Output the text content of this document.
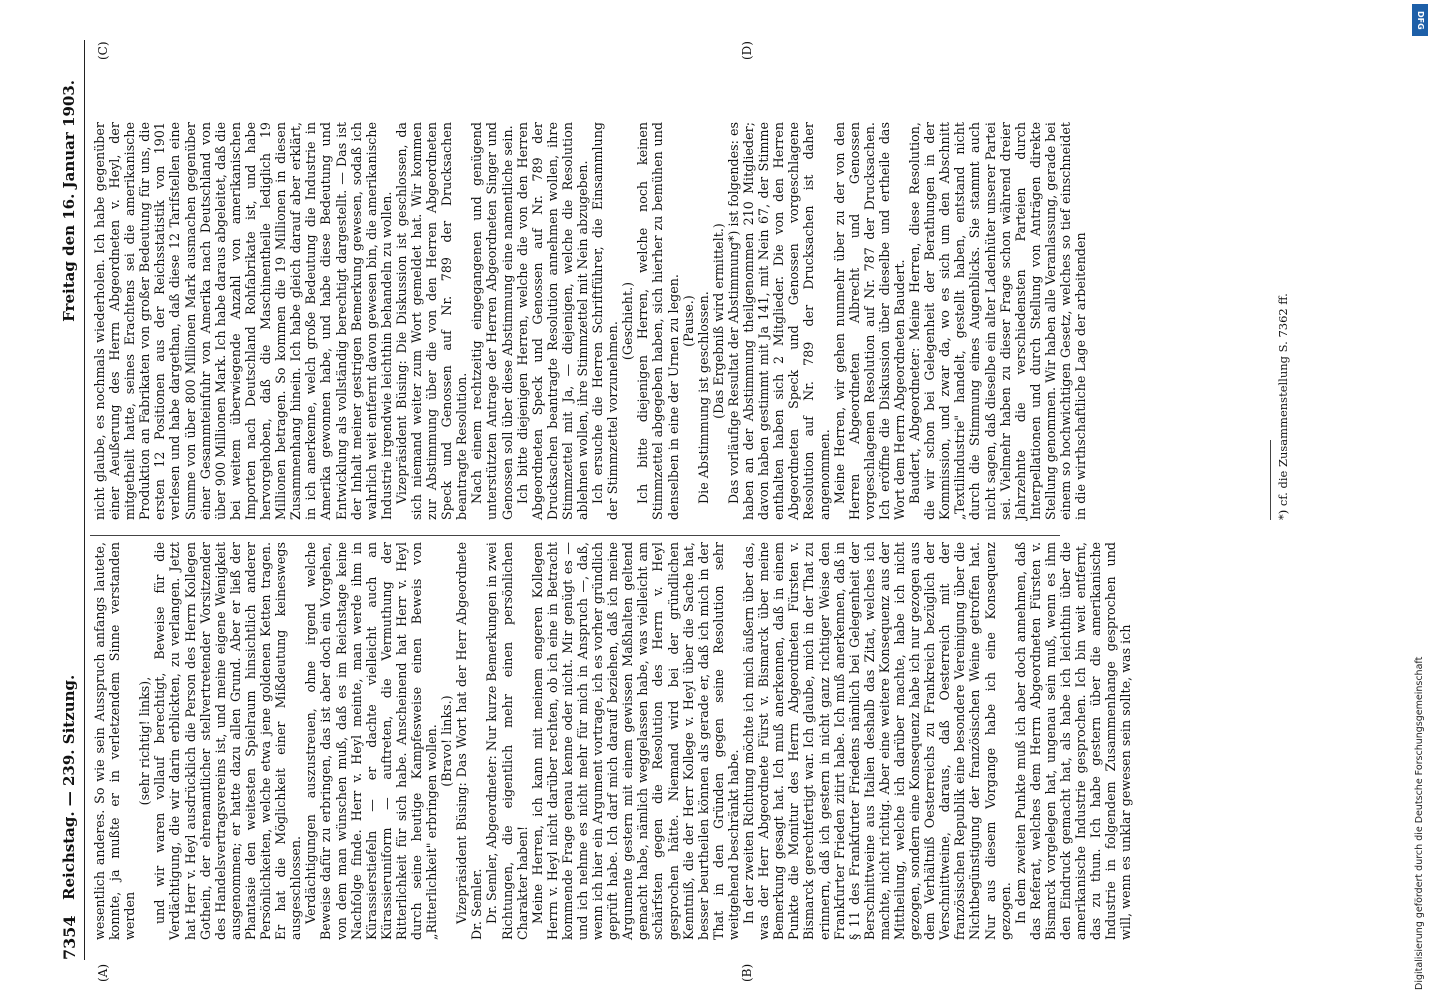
7354
Reichstag. — 239. Sitzung.
Freitag den 16. Januar 1903.
(A)	(B)
(C)	(D)

wesentlich anderes. So wie sein Ausspruch anfangs lautete, konnte, ja mußte er in verletzendem Sinne verstanden werden

(sehr richtig! links), und wir waren vollauf berechtigt, Beweise für die Verdächtigung, die wir darin erblickten, zu verlangen. Jetzt hat Herr v. Heyl ausdrücklich die Person des Herrn Kollegen Gothein, der ehrenamtlicher stellvertretender Vorsitzender des Handelsvertragsvereins ist, und meine eigene Wenigkeit ausgenommen; er hatte dazu allen Grund. Aber er ließ der Phantasie den weitesten Spielraum hinsichtlich anderer Persönlichkeiten, welche etwa jene goldenen Ketten tragen. Er hat die Möglichkeit einer Mißdeutung keineswegs ausgeschlossen. Verdächtigungen auszustreuen, ohne irgend welche Beweise dafür zu erbringen, das ist aber doch ein Vorgehen, von dem man wünschen muß, daß es im Reichstage keine Nachfolge finde. Herr v. Heyl meinte, man werde ihm in Kürassierstiefeln — er dachte vielleicht auch an Kürassieruniform — auftreten, die Vermuthung der Ritterlichkeit für sich habe. Anscheinend hat Herr v. Heyl durch seine heutige Kampfesweise einen Beweis von „Ritterlichkeit" erbringen wollen. (Bravo! links.) Vizepräsident Büsing: Das Wort hat der Herr Abgeordnete Dr. Semler. Dr. Semler, Abgeordneter: Nur kurze Bemerkungen in zwei Richtungen, die eigentlich mehr einen persönlichen Charakter haben! Meine Herren, ich kann mit meinem engeren Kollegen Herrn v. Heyl nicht darüber rechten, ob ich eine in Betracht kommende Frage genau kenne oder nicht. Mir genügt es — und ich nehme es nicht mehr für mich in Anspruch —, daß, wenn ich hier ein Argument vortrage, ich es vorher gründlich geprüft habe. Ich darf mich darauf beziehen, daß ich meine Argumente gestern mit einem gewissen Maßhalten geltend gemacht habe, nämlich weggelassen habe, was vielleicht am schärfsten gegen die Resolution des Herrn v. Heyl gesprochen hätte. Niemand wird bei der gründlichen Kenntniß, die der Herr Kollege v. Heyl über die Sache hat, besser beurtheilen können als gerade er, daß ich mich in der That in den Gründen gegen seine Resolution sehr weitgehend beschränkt habe. In der zweiten Richtung möchte ich mich äußern über das, was der Herr Abgeordnete Fürst v. Bismarck über meine Bemerkung gesagt hat. Ich muß anerkennen, daß in einem Punkte die Monitur des Herrn Abgeordneten Fürsten v. Bismarck gerechtfertigt war. Ich glaube, mich in der That zu erinnern, daß ich gestern in nicht ganz richtiger Weise den Frankfurter Frieden zitirt habe. Ich muß anerkennen, daß in § 11 des Frankfurter Friedens nämlich bei Gelegenheit der Berschnittweine aus Italien deshalb das Zitat, welches ich machte, nicht richtig. Aber eine weitere Konsequenz aus der Mittheilung, welche ich darüber machte, habe ich nicht gezogen, sondern eine Konsequenz habe ich nur gezogen aus dem Verhältniß Oesterreichs zu Frankreich bezüglich der Verschnittweine, daraus, daß Oesterreich mit der französischen Republik eine besondere Vereinigung über die Nichtbegünstigung der französischen Weine getroffen hat. Nur aus diesem Vorgange habe ich eine Konsequenz gezogen. In dem zweiten Punkte muß ich aber doch annehmen, daß das Referat, welches dem Herrn Abgeordneten Fürsten v. Bismarck vorgelegen hat, ungenau sein muß, wenn es ihm den Eindruck gemacht hat, als habe ich leichthin über die amerikanische Industrie gesprochen. Ich bin weit entfernt, das zu thun. Ich habe gestern über die amerikanische Industrie in folgendem Zusammenhange gesprochen und will, wenn es unklar gewesen sein sollte, was ich

nicht glaube, es nochmals wiederholen. Ich habe gegenüber einer Aeußerung des Herrn Abgeordneten v. Heyl, der mitgetheilt hatte, seines Erachtens sei die amerikanische Produktion an Fabrikaten von großer Bedeutung für uns, die ersten 12 Positionen aus der Reichsstatistik von 1901 verlesen und habe dargethan, daß diese 12 Tarifstellen eine Summe von über 800 Millionen Mark ausmachen gegenüber einer Gesammteinfuhr von Amerika nach Deutschland von über 900 Millionen Mark. Ich habe daraus abgeleitet, daß die bei weitem überwiegende Anzahl von amerikanischen Importen nach Deutschland Rohfabrikate ist, und habe hervorgehoben, daß die Maschinentheile lediglich 19 Millionen betragen. So kommen die 19 Millionen in diesen Zusammenhang hinein. Ich habe gleich darauf aber erklärt, in ich anerkenne, welch große Bedeutung die Industrie in Amerika gewonnen habe, und habe diese Bedeutung und Entwicklung als vollständig berechtigt dargestellt. — Das ist der Inhalt meiner gestrigen Bemerkung gewesen, sodaß ich wahrlich weit entfernt davon gewesen bin, die amerikanische Industrie irgendwie leichthin behandeln zu wollen. Vizepräsident Büsing: Die Diskussion ist geschlossen, da sich niemand weiter zum Wort gemeldet hat. Wir kommen zur Abstimmung über die von den Herren Abgeordneten Speck und Genossen auf Nr. 789 der Drucksachen beantragte Resolution. Nach einem rechtzeitig eingegangenen und genügend unterstützten Antrage der Herren Abgeordneten Singer und Genossen soll über diese Abstimmung eine namentliche sein. Ich bitte diejenigen Herren, welche die von den Herren Abgeordneten Speck und Genossen auf Nr. 789 der Drucksachen beantragte Resolution annehmen wollen, ihre Stimmzettel mit Ja, — diejenigen, welche die Resolution ablehnen wollen, ihre Stimmzettel mit Nein abzugeben. Ich ersuche die Herren Schriftführer, die Einsammlung der Stimmzettel vorzunehmen.

(Geschieht.) Ich bitte diejenigen Herren, welche noch keinen Stimmzettel abgegeben haben, sich hierher zu bemühen und denselben in eine der Urnen zu legen. (Pause.) Die Abstimmung ist geschlossen. (Das Ergebniß wird ermittelt.) Das vorläufige Resultat der Abstimmung*) ist folgendes: es haben an der Abstimmung theilgenommen 210 Mitglieder; davon haben gestimmt mit Ja 141, mit Nein 67, der Stimme enthalten haben sich 2 Mitglieder. Die von den Herren Abgeordneten Speck und Genossen vorgeschlagene Resolution auf Nr. 789 der Drucksachen ist daher angenommen. Meine Herren, wir gehen nunmehr über zu der von den Herren Abgeordneten Albrecht und Genossen vorgeschlagenen Resolution auf Nr. 787 der Drucksachen. Ich eröffne die Diskussion über dieselbe und ertheile das Wort dem Herrn Abgeordneten Baudert. Baudert, Abgeordneter: Meine Herren, diese Resolution, die wir schon bei Gelegenheit der Berathungen in der Kommission, und zwar da, wo es sich um den Abschnitt „Textilindustrie" handelt, gestellt haben, entstand nicht durch die Stimmung eines Augenblicks. Sie stammt auch nicht sagen, daß dieselbe ein alter Ladenhüter unserer Partei sei. Vielmehr haben zu dieser Frage schon während dreier Jahrzehnte die verschiedensten Parteien durch Interpellationen und durch Stellung von Anträgen direkte Stellung genommen. Wir haben alle Veranlassung, gerade bei einem so hochwichtigen Gesetz, welches so tief einschneidet in die wirthschaftliche Lage der arbeitenden	*) cf. die Zusammenstellung S. 7362 ff.
DFG
Digitalisierung gefördert durch die Deutsche Forschungsgemeinschaft
